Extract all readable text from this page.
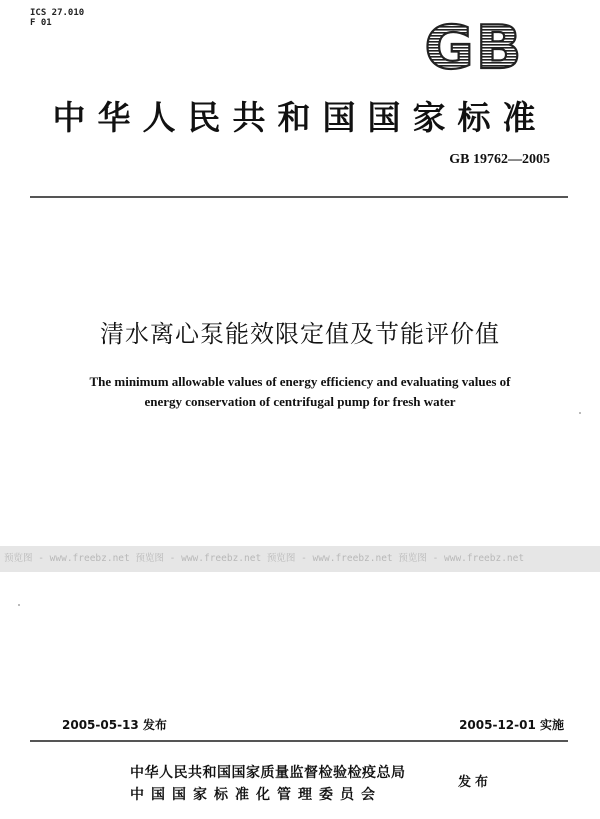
ICS 27.010
F 01	GB
中华人民共和国国家标准
GB 19762—2005
清水离心泵能效限定值及节能评价值
The minimum allowable values of energy efficiency and evaluating values of
energy conservation of centrifugal pump for fresh water
预览图 - www.freebz.net 预览图 - www.freebz.net 预览图 - www.freebz.net 预览图 - www.freebz.net
2005-05-13 发布	2005-12-01 实施
中华人民共和国国家质量监督检验检疫总局
中国国家标准化管理委员会
发布
